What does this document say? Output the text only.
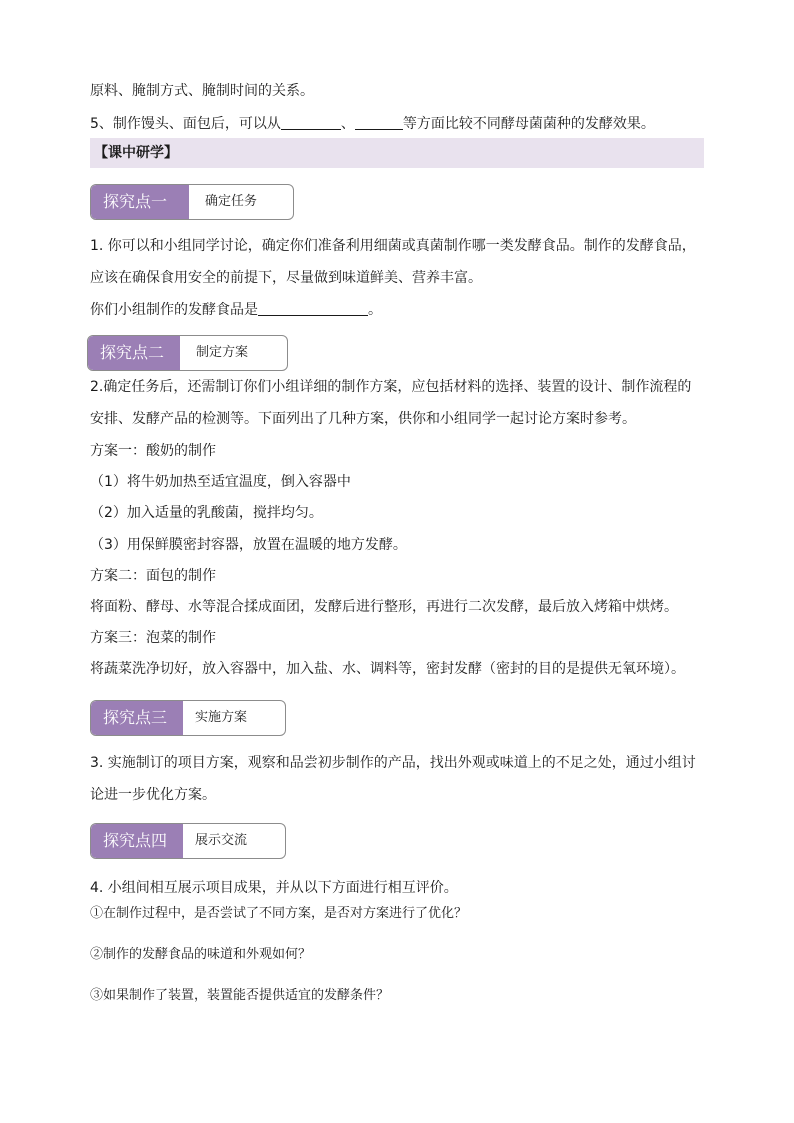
原料、腌制方式、腌制时间的关系。
5、制作馒头、面包后，可以从	、	等方面比较不同酵母菌菌种的发酵效果。
【课中研学】
探究点一	确定任务
1. 你可以和小组同学讨论，确定你们准备利用细菌或真菌制作哪一类发酵食品。制作的发酵食品，
应该在确保食用安全的前提下，尽量做到味道鲜美、营养丰富。
你们小组制作的发酵食品是	。
探究点二	制定方案
2.确定任务后，还需制订你们小组详细的制作方案，应包括材料的选择、装置的设计、制作流程的
安排、发酵产品的检测等。下面列出了几种方案，供你和小组同学一起讨论方案时参考。
方案一：酸奶的制作
（1）将牛奶加热至适宜温度，倒入容器中
（2）加入适量的乳酸菌，搅拌均匀。
（3）用保鲜膜密封容器，放置在温暖的地方发酵。
方案二：面包的制作
将面粉、酵母、水等混合揉成面团，发酵后进行整形，再进行二次发酵，最后放入烤箱中烘烤。
方案三：泡菜的制作
将蔬菜洗净切好，放入容器中，加入盐、水、调料等，密封发酵（密封的目的是提供无氧环境）。
探究点三	实施方案
3. 实施制订的项目方案，观察和品尝初步制作的产品，找出外观或味道上的不足之处，通过小组讨
论进一步优化方案。
探究点四	展示交流
4. 小组间相互展示项目成果，并从以下方面进行相互评价。
①在制作过程中，是否尝试了不同方案，是否对方案进行了优化？
②制作的发酵食品的味道和外观如何？
③如果制作了装置，装置能否提供适宜的发酵条件？
